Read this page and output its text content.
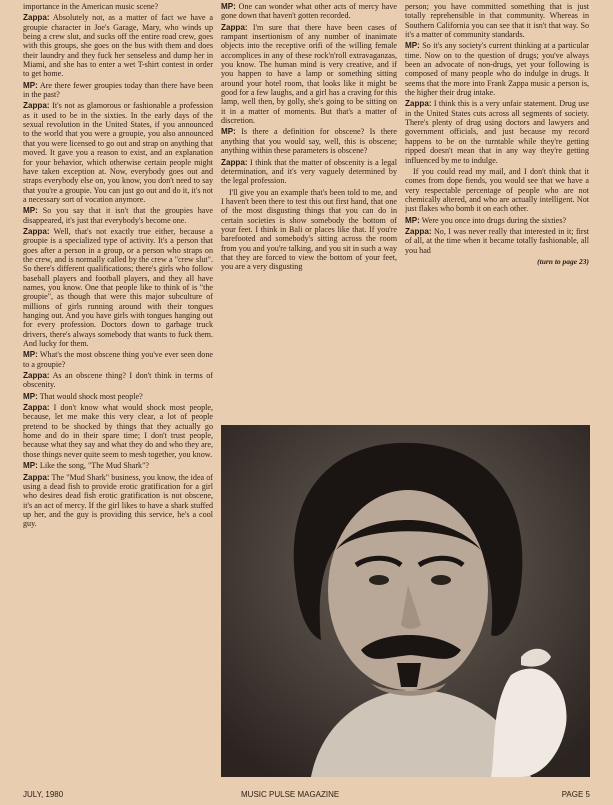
importance in the American music scene?

Zappa: Absolutely not, as a matter of fact we have a groupie character in Joe's Garage, Mary, who winds up being a crew slut, and sucks off the entire road crew, goes with this groups, she goes on the bus with them and does their laundry and they fuck her senseless and dump her in Miami, and she has to enter a wet T-shirt contest in order to get home.

MP: Are there fewer groupies today than there have been in the past?

Zappa: It's not as glamorous or fashionable a profession as it used to be in the sixties. In the early days of the sexual revolution in the United States, if you announced to the world that you were a groupie, you also announced that you were licensed to go out and strap on anything that moved. It gave you a reason to exist, and an explanation for your behavior, which otherwise certain people might have taken exception at. Now, everybody goes out and straps everybody else on, you know, you don't need to say that you're a groupie. You can just go out and do it, it's not a necessary sort of vocation anymore.

MP: So you say that it isn't that the groupies have disappeared, it's just that everybody's become one.

Zappa: Well, that's not exactly true either, because a groupie is a specialized type of activity. It's a person that goes after a person in a group, or a person who straps on the crew, and is normally called by the crew a "crew slut". So there's different qualifications; there's girls who follow baseball players and football players, and they all have names, you know. One that people like to think of is "the groupie", as though that were this major subculture of millions of girls running around with their tongues hanging out. And you have girls with tongues hanging out for every profession. Doctors down to garbage truck drivers, there's always somebody that wants to fuck them. And lucky for them.

MP: What's the most obscene thing you've ever seen done to a groupie?

Zappa: As an obscene thing? I don't think in terms of obscenity.

MP: That would shock most people?

Zappa: I don't know what would shock most people, because, let me make this very clear, a lot of people pretend to be shocked by things that they actually go home and do in their spare time; I don't trust people, because what they say and what they do and who they are, those things never quite seem to mesh together, you know.

MP: Like the song, "The Mud Shark"?

Zappa: The "Mud Shark" business, you know, the idea of using a dead fish to provide erotic gratification for a girl who desires dead fish erotic gratification is not obscene, it's an act of mercy. If the girl likes to have a shark stuffed up her, and the guy is providing this service, he's a cool guy.

MP: One can wonder what other acts of mercy have gone down that haven't gotten recorded.

Zappa: I'm sure that there have been cases of rampant insertionism of any number of inanimate objects into the receptive orifi of the willing female accomplices in any of these rock'n'roll extravaganzas, you know. The human mind is very creative, and if you happen to have a lamp or something sitting around your hotel room, that looks like it might be good for a few laughs, and a girl has a craving for this lamp, well then, by golly, she's going to be sitting on it in a matter of moments. But that's a matter of discretion.

MP: Is there a definition for obscene? Is there anything that you would say, well, this is obscene; anything within these parameters is obscene?

Zappa: I think that the matter of obscenity is a legal determination, and it's very vaguely determined by the legal profession.

I'll give you an example that's been told to me, and I haven't been there to test this out first hand, that one of the most disgusting things that you can do in certain societies is show somebody the bottom of your feet. I think in Bali or places like that. If you're barefooted and somebody's sitting across the room from you and you're talking, and you sit in such a way that they are forced to view the bottom of your feet, you are a very disgusting

person; you have committed something that is just totally reprehensible in that community. Whereas in Southern California you can see that it isn't that way. So it's a matter of community standards.

MP: So it's any society's current thinking at a particular time. Now on to the question of drugs; you've always been an advocate of non-drugs, yet your following is composed of many people who do indulge in drugs. It seems that the more into Frank Zappa music a person is, the higher their drug intake.

Zappa: I think this is a very unfair statement. Drug use in the United States cuts across all segments of society. There's plenty of drug using doctors and lawyers and government officials, and just because my record happens to be on the turntable while they're getting ripped doesn't mean that in any way they're getting influenced by me to indulge.

If you could read my mail, and I don't think that it comes from dope fiends, you would see that we have a very respectable percentage of people who are not chemically altered, and who are actually intelligent. Not just flakes who bomb it on each other.

MP: Were you once into drugs during the sixties?

Zappa: No, I was never really that interested in it; first of all, at the time when it became totally fashionable, all you had

(turn to page 23)
JULY, 1980	MUSIC PULSE MAGAZINE	PAGE 5
